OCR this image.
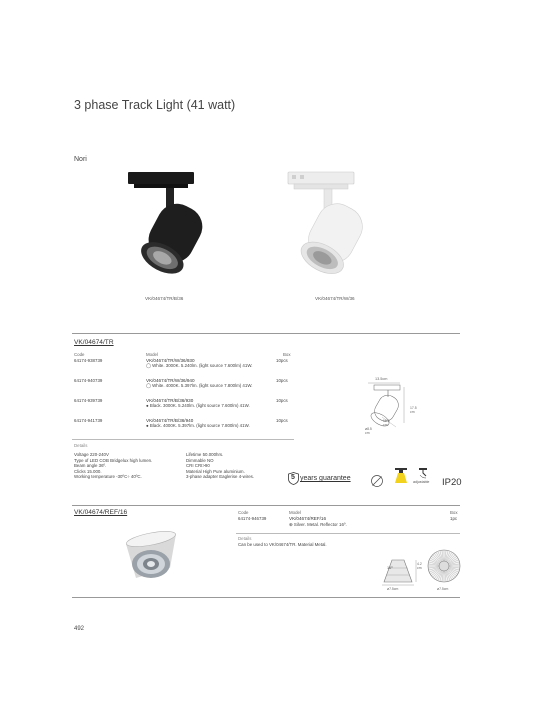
3 phase Track Light (41 watt)
Nori
VK/04674/TR/B/36	VK/04674/TR/W/36
VK/04674/TR
Code	Model	Box
64174-938739	VK/04674/TR/W/36/930
◯ White. 3000K. 5.240lm. (light source 7.600lm) 41W.
10pcs
64174-940739	VK/04674/TR/W/36/940
◯ White. 4000K. 5.397lm. (light source 7.800lm) 41W.
10pcs
64174-939739	VK/04674/TR/B/36/930
● Black. 3000K. 5.240lm. (light source 7.600lm) 41W.
10pcs
64174-941739	VK/04674/TR/B/36/940
● Black. 4000K. 5.397lm. (light source 7.800lm) 41W.
10pcs
13.5cm
17.5 cm
16.5 cm
ø8.5 cm
Details
Voltage 220-240V
Type of LED COB Bridgelux high lumen.
Beam angle 36º.
Clicks 15.000.
Working temperature -30ºC÷ 40ºC.
Lifetime 50.000hrs.
Dimmable NO
CRI CRI>90
Material High Pure aluminium.
3-phase adapter Eaglerise 4-wires.	5 years guarantee	adjustable IP20
VK/04674/REF/16	Code	Model	Box
64174-946739	VK/04674/REF/16
⊕ Silver. Metal. Reflector 16º.
1pc
Details
Can be used to VK/04674/TR. Material Metal.
16º
4.2 cm
ø7.5cm	ø7.5cm
492
